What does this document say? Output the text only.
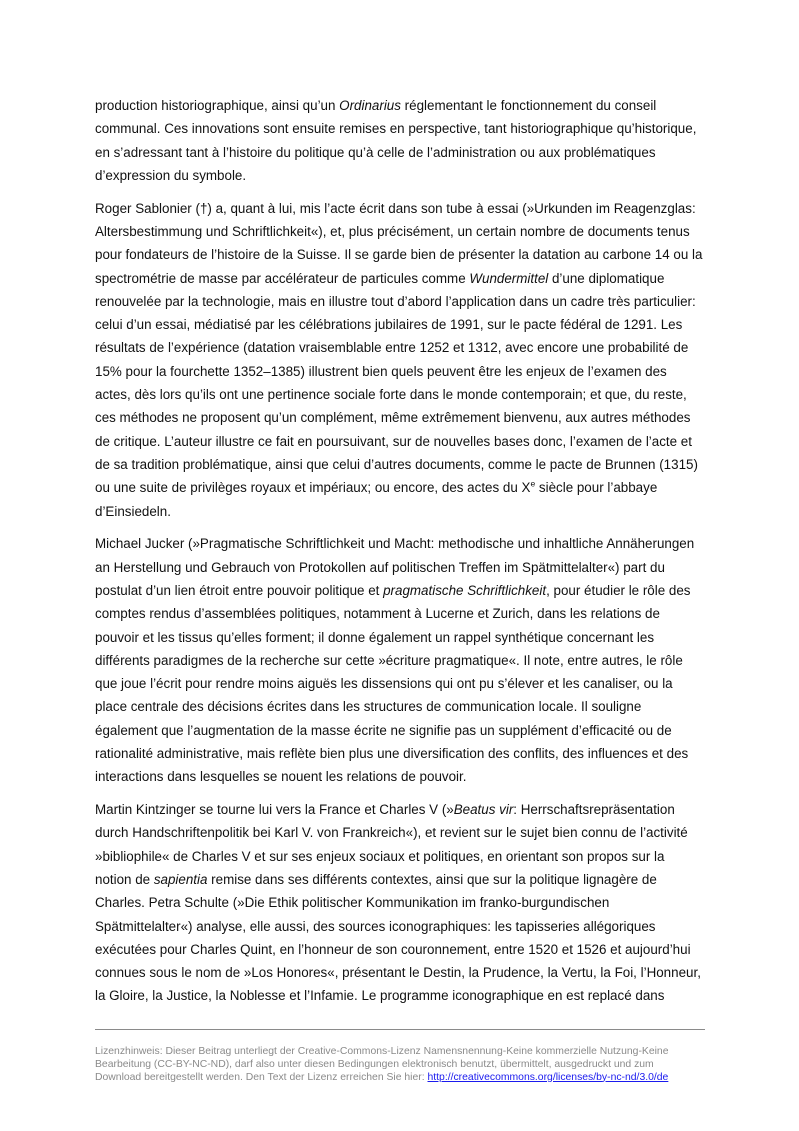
production historiographique, ainsi qu’un Ordinarius réglementant le fonctionnement du conseil
communal. Ces innovations sont ensuite remises en perspective, tant historiographique qu’historique,
en s’adressant tant à l’histoire du politique qu’à celle de l’administration ou aux problématiques
d’expression du symbole.
Roger Sablonier (†) a, quant à lui, mis l’acte écrit dans son tube à essai (»Urkunden im Reagenzglas:
Altersbestimmung und Schriftlichkeit«), et, plus précisément, un certain nombre de documents tenus
pour fondateurs de l’histoire de la Suisse. Il se garde bien de présenter la datation au carbone 14 ou la
spectrométrie de masse par accélérateur de particules comme Wundermittel d’une diplomatique
renouvelée par la technologie, mais en illustre tout d’abord l’application dans un cadre très particulier:
celui d’un essai, médiatisé par les célébrations jubilaires de 1991, sur le pacte fédéral de 1291. Les
résultats de l’expérience (datation vraisemblable entre 1252 et 1312, avec encore une probabilité de
15% pour la fourchette 1352–1385) illustrent bien quels peuvent être les enjeux de l’examen des
actes, dès lors qu’ils ont une pertinence sociale forte dans le monde contemporain; et que, du reste,
ces méthodes ne proposent qu’un complément, même extrêmement bienvenu, aux autres méthodes
de critique. L’auteur illustre ce fait en poursuivant, sur de nouvelles bases donc, l’examen de l’acte et
de sa tradition problématique, ainsi que celui d’autres documents, comme le pacte de Brunnen (1315)
ou une suite de privilèges royaux et impériaux; ou encore, des actes du Xe siècle pour l’abbaye
d’Einsiedeln.
Michael Jucker (»Pragmatische Schriftlichkeit und Macht: methodische und inhaltliche Annäherungen
an Herstellung und Gebrauch von Protokollen auf politischen Treffen im Spätmittelalter«) part du
postulat d’un lien étroit entre pouvoir politique et pragmatische Schriftlichkeit, pour étudier le rôle des
comptes rendus d’assemblées politiques, notamment à Lucerne et Zurich, dans les relations de
pouvoir et les tissus qu’elles forment; il donne également un rappel synthétique concernant les
différents paradigmes de la recherche sur cette »écriture pragmatique«. Il note, entre autres, le rôle
que joue l’écrit pour rendre moins aiguës les dissensions qui ont pu s’élever et les canaliser, ou la
place centrale des décisions écrites dans les structures de communication locale. Il souligne
également que l’augmentation de la masse écrite ne signifie pas un supplément d’efficacité ou de
rationalité administrative, mais reflète bien plus une diversification des conflits, des influences et des
interactions dans lesquelles se nouent les relations de pouvoir.
Martin Kintzinger se tourne lui vers la France et Charles V (»Beatus vir: Herrschaftsrepräsentation
durch Handschriftenpolitik bei Karl V. von Frankreich«), et revient sur le sujet bien connu de l’activité
»bibliophile« de Charles V et sur ses enjeux sociaux et politiques, en orientant son propos sur la
notion de sapientia remise dans ses différents contextes, ainsi que sur la politique lignagère de
Charles. Petra Schulte (»Die Ethik politischer Kommunikation im franko-burgundischen
Spätmittelalter«) analyse, elle aussi, des sources iconographiques: les tapisseries allégoriques
exécutées pour Charles Quint, en l’honneur de son couronnement, entre 1520 et 1526 et aujourd’hui
connues sous le nom de »Los Honores«, présentant le Destin, la Prudence, la Vertu, la Foi, l’Honneur,
la Gloire, la Justice, la Noblesse et l’Infamie. Le programme iconographique en est replacé dans
Lizenzhinweis: Dieser Beitrag unterliegt der Creative-Commons-Lizenz Namensnennung-Keine kommerzielle Nutzung-Keine
Bearbeitung (CC-BY-NC-ND), darf also unter diesen Bedingungen elektronisch benutzt, übermittelt, ausgedruckt und zum
Download bereitgestellt werden. Den Text der Lizenz erreichen Sie hier: http://creativecommons.org/licenses/by-nc-nd/3.0/de
